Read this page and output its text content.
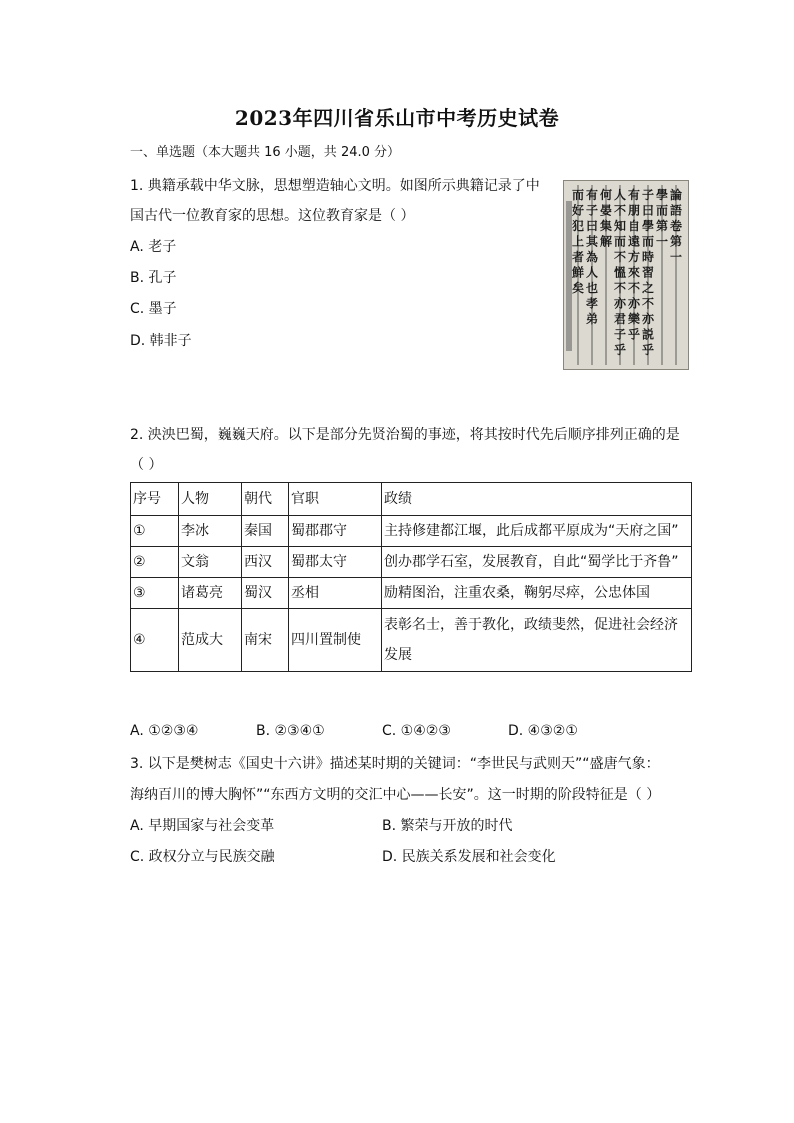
2023年四川省乐山市中考历史试卷
一、单选题（本大题共 16 小题，共 24.0 分）
1. 典籍承载中华文脉，思想塑造轴心文明。如图所示典籍记录了中
国古代一位教育家的思想。这位教育家是（ ）
A. 老子
B. 孔子
C. 墨子
D. 韩非子
論
語
卷
第
一
學
而
第
一
子
曰
學
而
時
習
之
不
亦
説
乎
有
朋
自
遠
方
來
不
亦
樂
乎
人
不
知
而
不
慍
不
亦
君
子
乎
何
晏
集
解
有
子
曰
其
為
人
也
孝
弟
而
好
犯
上
者
鮮
矣
2. 泱泱巴蜀，巍巍天府。以下是部分先贤治蜀的事迹，将其按时代先后顺序排列正确的是
（ ）
序号	人物	朝代	官职	政绩
①	李冰	秦国	蜀郡郡守	主持修建都江堰，此后成都平原成为“天府之国”
②	文翁	西汉	蜀郡太守	创办郡学石室，发展教育，自此“蜀学比于齐鲁”
③	诸葛亮	蜀汉	丞相	励精图治，注重农桑，鞠躬尽瘁，公忠体国
④	范成大	南宋	四川置制使	表彰名士，善于教化，政绩斐然，促进社会经济发展
A. ①②③④	B. ②③④①	C. ①④②③	D. ④③②①
3. 以下是樊树志《国史十六讲》描述某时期的关键词：“李世民与武则天”“盛唐气象：
海纳百川的博大胸怀”“东西方文明的交汇中心——长安”。这一时期的阶段特征是（ ）
A. 早期国家与社会变革	B. 繁荣与开放的时代
C. 政权分立与民族交融	D. 民族关系发展和社会变化
